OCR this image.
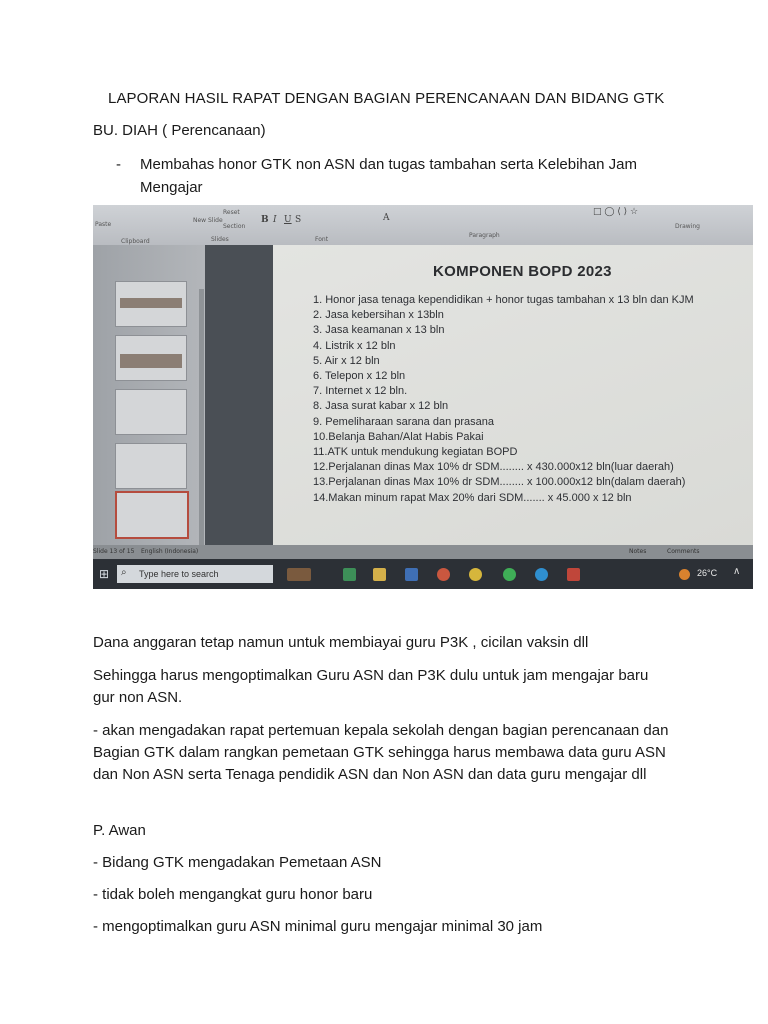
LAPORAN HASIL RAPAT DENGAN BAGIAN PERENCANAAN DAN BIDANG GTK
BU. DIAH ( Perencanaan)
- Membahas honor GTK non ASN dan tugas tambahan serta Kelebihan Jam Mengajar
Paste
New Slide
Reset
Section
B I U S	A
□ ◯ ⟨ ⟩ ☆
Clipboard	Slides	Font
Paragraph
Drawing
KOMPONEN BOPD 2023
1. Honor jasa tenaga kependidikan + honor tugas tambahan x 13 bln dan KJM
2. Jasa kebersihan x 13bln
3. Jasa keamanan x 13 bln
4. Listrik x 12 bln
5. Air x 12 bln
6. Telepon x 12 bln
7. Internet x 12 bln.
8. Jasa surat kabar x 12 bln
9. Pemeliharaan sarana dan prasana
10.Belanja Bahan/Alat Habis Pakai
11.ATK untuk mendukung kegiatan BOPD
12.Perjalanan dinas Max 10% dr SDM........ x 430.000x12 bln(luar daerah)
13.Perjalanan dinas Max 10% dr SDM........ x 100.000x12 bln(dalam daerah)
14.Makan minum rapat Max 20% dari SDM....... x 45.000 x 12 bln
Slide 13 of 15 English (Indonesia)	Notes	Comments
⊞ ⌕ Type here to search	26°C ∧
Dana anggaran tetap namun untuk membiayai guru P3K , cicilan vaksin dll
Sehingga harus mengoptimalkan Guru ASN dan P3K dulu untuk jam mengajar baru gur non ASN.
- akan mengadakan rapat pertemuan kepala sekolah dengan bagian perencanaan dan Bagian GTK dalam rangkan pemetaan GTK sehingga harus membawa data guru ASN dan Non ASN serta Tenaga pendidik ASN dan Non ASN dan data guru mengajar dll
P. Awan
- Bidang GTK mengadakan Pemetaan ASN
- tidak boleh mengangkat guru honor baru
- mengoptimalkan guru ASN minimal guru mengajar minimal 30 jam
